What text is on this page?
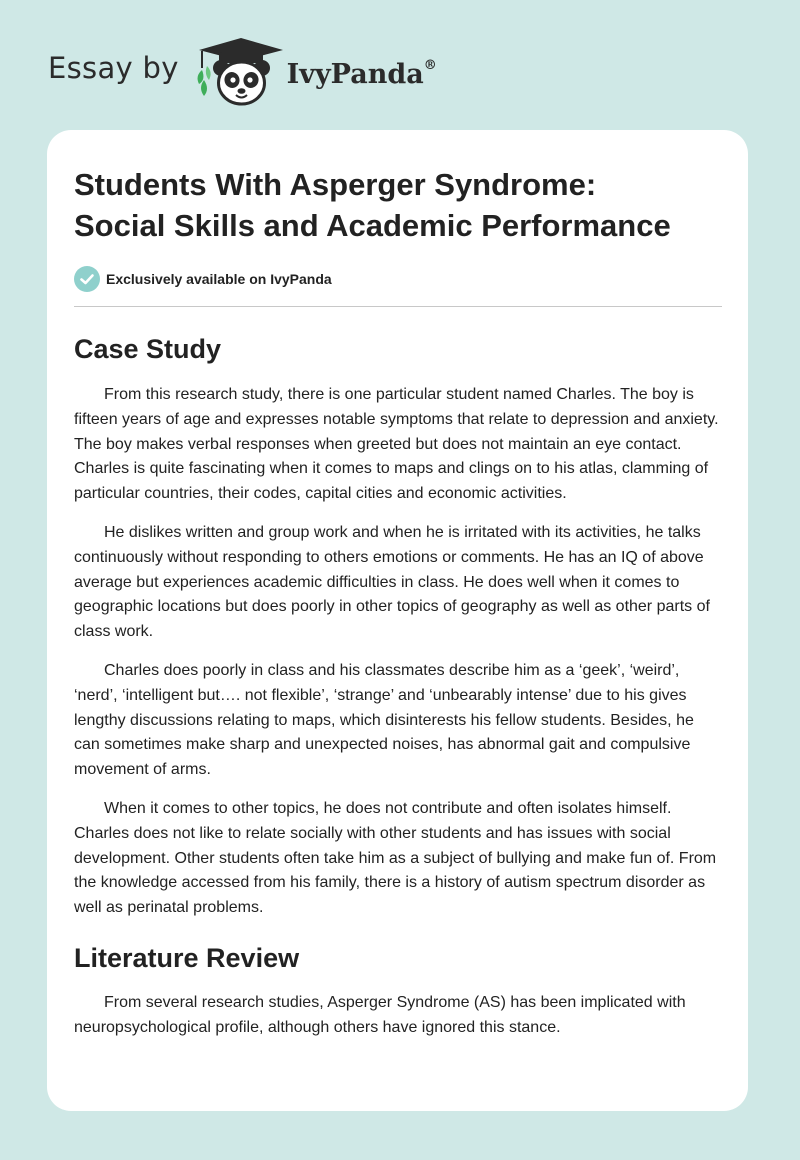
Essay by	IvyPanda®
Students With Asperger Syndrome:
Social Skills and Academic Performance
Exclusively available on IvyPanda
Case Study

From this research study, there is one particular student named Charles. The boy is fifteen years of age and expresses notable symptoms that relate to depression and anxiety. The boy makes verbal responses when greeted but does not maintain an eye contact. Charles is quite fascinating when it comes to maps and clings on to his atlas, clamming of particular countries, their codes, capital cities and economic activities.

He dislikes written and group work and when he is irritated with its activities, he talks continuously without responding to others emotions or comments. He has an IQ of above average but experiences academic difficulties in class. He does well when it comes to geographic locations but does poorly in other topics of geography as well as other parts of class work.

Charles does poorly in class and his classmates describe him as a ‘geek’, ‘weird’, ‘nerd’, ‘intelligent but…. not flexible’, ‘strange’ and ‘unbearably intense’ due to his gives lengthy discussions relating to maps, which disinterests his fellow students. Besides, he can sometimes make sharp and unexpected noises, has abnormal gait and compulsive movement of arms.

When it comes to other topics, he does not contribute and often isolates himself. Charles does not like to relate socially with other students and has issues with social development. Other students often take him as a subject of bullying and make fun of. From the knowledge accessed from his family, there is a history of autism spectrum disorder as well as perinatal problems.

Literature Review

From several research studies, Asperger Syndrome (AS) has been implicated with neuropsychological profile, although others have ignored this stance.
